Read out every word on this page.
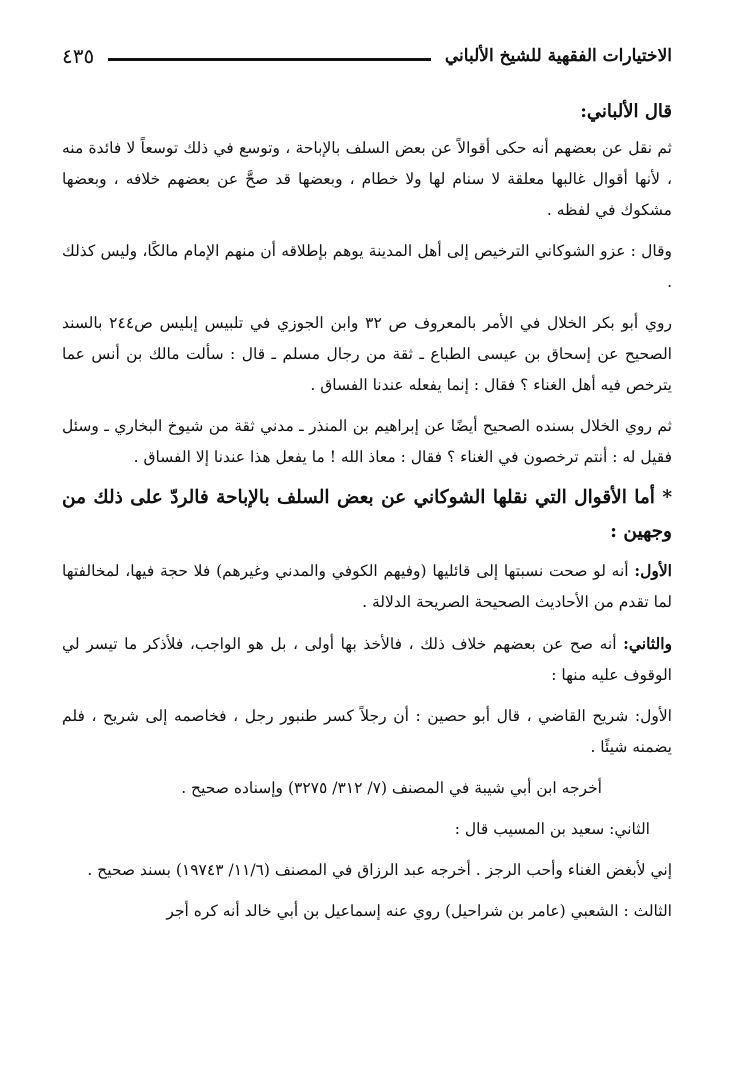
الاختيارات الفقهية للشيخ الألباني
٤٣٥

قال الألباني:

ثم نقل عن بعضهم أنه حكى أقوالاً عن بعض السلف بالإباحة ، وتوسع في ذلك توسعاً لا فائدة منه ، لأنها أقوال غالبها معلقة لا سنام لها ولا خطام ، وبعضها قد صحَّ عن بعضهم خلافه ، وبعضها مشكوك في لفظه .

وقال : عزو الشوكاني الترخيص إلى أهل المدينة يوهم بإطلاقه أن منهم الإمام مالكًا، وليس كذلك .

روي أبو بكر الخلال في الأمر بالمعروف ص ٣٢ وابن الجوزي في تلبيس إبليس ص٢٤٤ بالسند الصحيح عن إسحاق بن عيسى الطباع ـ ثقة من رجال مسلم ـ قال : سألت مالك بن أنس عما يترخص فيه أهل الغناء ؟ فقال : إنما يفعله عندنا الفساق .

ثم روي الخلال بسنده الصحيح أيضًا عن إبراهيم بن المنذر ـ مدني ثقة من شيوخ البخاري ـ وسئل فقيل له : أنتم ترخصون في الغناء ؟ فقال : معاذ الله ! ما يفعل هذا عندنا إلا الفساق .

* أما الأقوال التي نقلها الشوكاني عن بعض السلف بالإباحة فالردّ على ذلك من وجهين :

الأول: أنه لو صحت نسبتها إلى قائليها (وفيهم الكوفي والمدني وغيرهم) فلا حجة فيها، لمخالفتها لما تقدم من الأحاديث الصحيحة الصريحة الدلالة .

والثاني: أنه صح عن بعضهم خلاف ذلك ، فالأخذ بها أولى ، بل هو الواجب، فلأذكر ما تيسر لي الوقوف عليه منها :

الأول: شريح القاضي ، قال أبو حصين : أن رجلاً كسر طنبور رجل ، فخاصمه إلى شريح ، فلم يضمنه شيئًا .

أخرجه ابن أبي شيبة في المصنف (٧/ ٣١٢/ ٣٢٧٥) وإسناده صحيح .

الثاني: سعيد بن المسيب قال :

إني لأبغض الغناء وأحب الرجز . أخرجه عبد الرزاق في المصنف (١١/٦/ ١٩٧٤٣) بسند صحيح .

الثالث : الشعبي (عامر بن شراحيل) روي عنه إسماعيل بن أبي خالد أنه كره أجر
